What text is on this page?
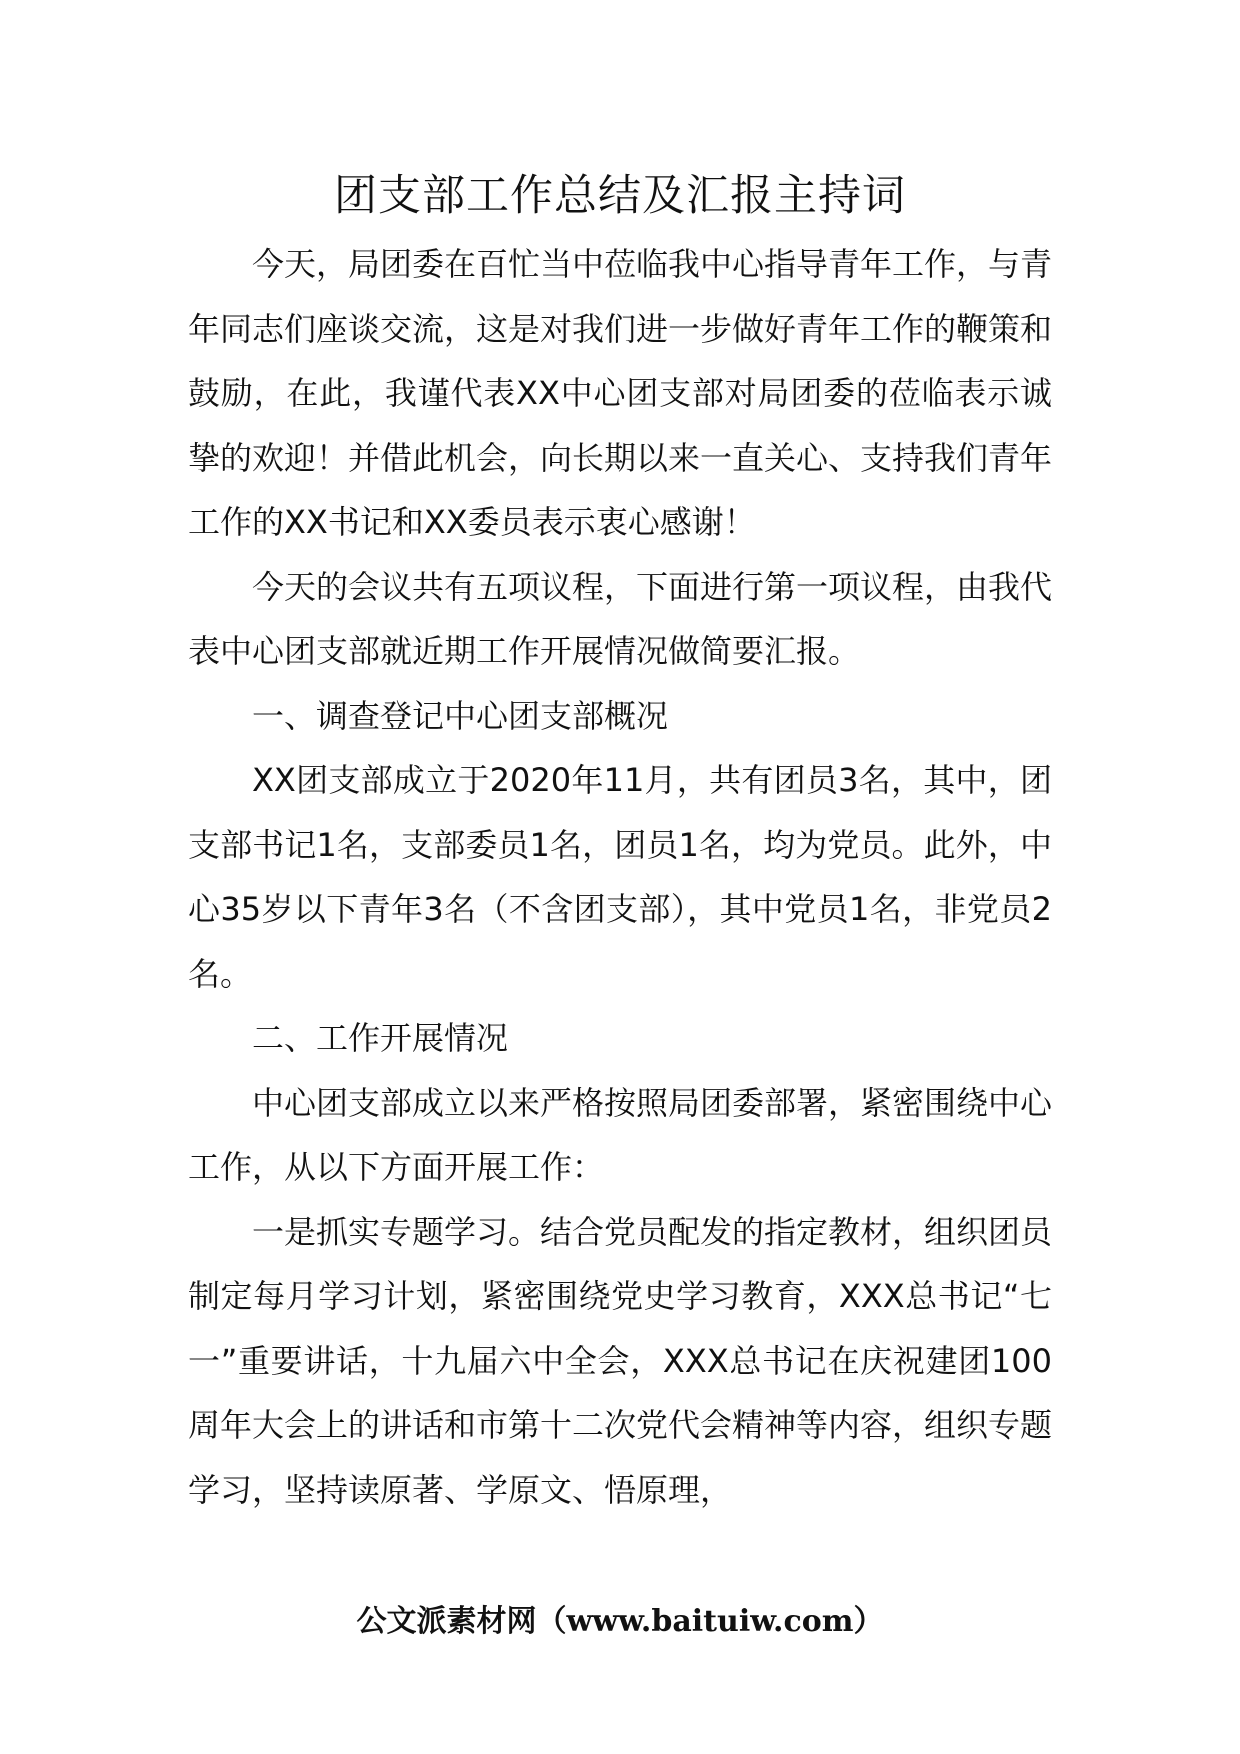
团支部工作总结及汇报主持词

今天，局团委在百忙当中莅临我中心指导青年工作，与青年同志们座谈交流，这是对我们进一步做好青年工作的鞭策和鼓励，在此，我谨代表XX中心团支部对局团委的莅临表示诚挚的欢迎！并借此机会，向长期以来一直关心、支持我们青年工作的XX书记和XX委员表示衷心感谢！

今天的会议共有五项议程，下面进行第一项议程，由我代表中心团支部就近期工作开展情况做简要汇报。

一、调查登记中心团支部概况

XX团支部成立于2020年11月，共有团员3名，其中，团支部书记1名，支部委员1名，团员1名，均为党员。此外，中心35岁以下青年3名（不含团支部），其中党员1名，非党员2名。

二、工作开展情况

中心团支部成立以来严格按照局团委部署，紧密围绕中心工作，从以下方面开展工作：

一是抓实专题学习。结合党员配发的指定教材，组织团员制定每月学习计划，紧密围绕党史学习教育，XXX总书记“七一”重要讲话，十九届六中全会，XXX总书记在庆祝建团100周年大会上的讲话和市第十二次党代会精神等内容，组织专题学习，坚持读原著、学原文、悟原理，

公文派素材网（www.baituiw.com）
